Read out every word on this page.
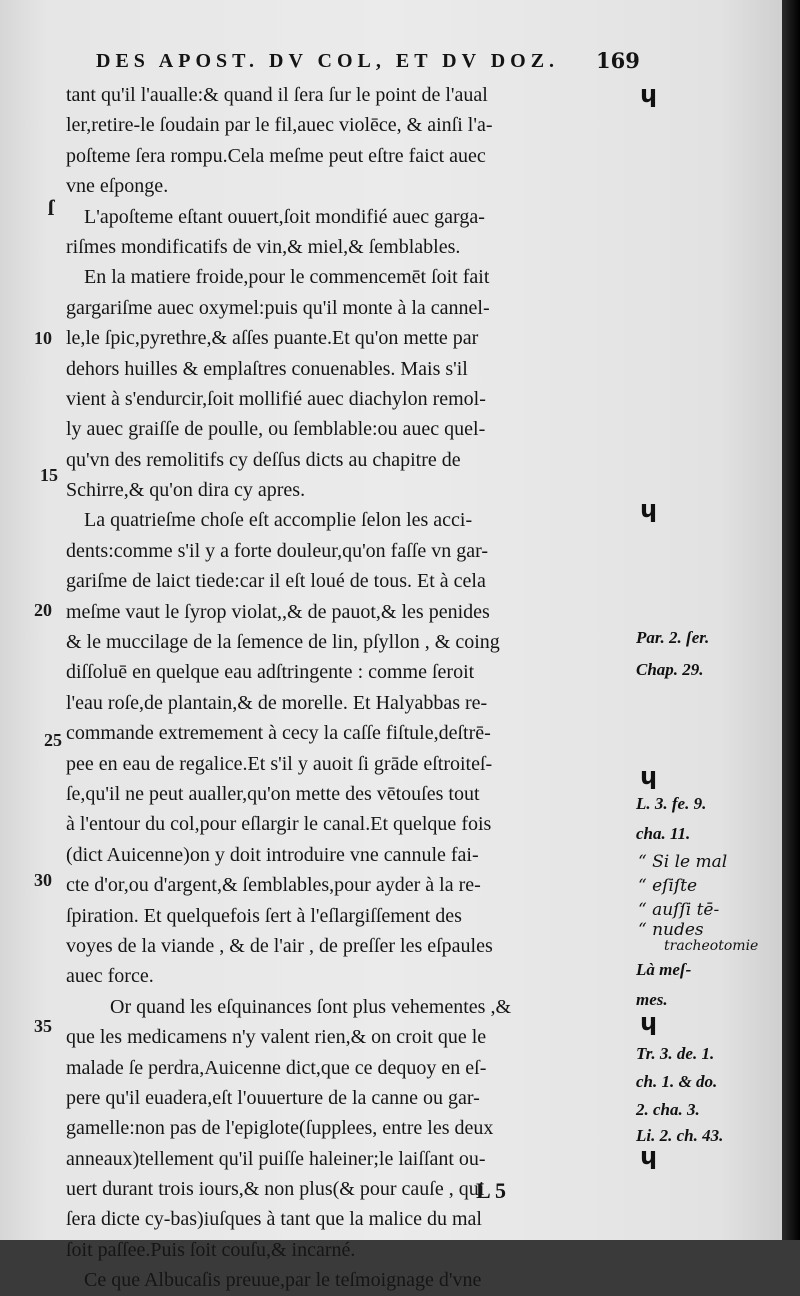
DES APOST. DV COL, ET DV DOZ.	169
tant qu'il l'aualle:& quand il ſera ſur le point de l'aual
ler,retire-le ſoudain par le fil,auec violēce, & ainſi l'a-
poſteme ſera rompu.Cela meſme peut eſtre faict auec
vne eſponge.
L'apoſteme eſtant ouuert,ſoit mondifié auec garga-
riſmes mondificatifs de vin,& miel,& ſemblables.
En la matiere froide,pour le commencemēt ſoit fait
gargariſme auec oxymel:puis qu'il monte à la cannel-
le,le ſpic,pyrethre,& aſſes puante.Et qu'on mette par
dehors huilles & emplaſtres conuenables. Mais s'il
vient à s'endurcir,ſoit mollifié auec diachylon remol-
ly auec graiſſe de poulle, ou ſemblable:ou auec quel-
qu'vn des remolitifs cy deſſus dicts au chapitre de
Schirre,& qu'on dira cy apres.
La quatrieſme choſe eſt accomplie ſelon les acci-
dents:comme s'il y a forte douleur,qu'on faſſe vn gar-
gariſme de laict tiede:car il eſt loué de tous. Et à cela
meſme vaut le ſyrop violat,,& de pauot,& les penides
& le muccilage de la ſemence de lin, pſyllon , & coing
diſſoluē en quelque eau adſtringente : comme ſeroit
l'eau roſe,de plantain,& de morelle. Et Halyabbas re-
commande extremement à cecy la caſſe fiſtule,deſtrē-
pee en eau de regalice.Et s'il y auoit ſi grāde eſtroiteſ-
ſe,qu'il ne peut aualler,qu'on mette des vētouſes tout
à l'entour du col,pour eſlargir le canal.Et quelque fois
(dict Auicenne)on y doit introduire vne cannule fai-
cte d'or,ou d'argent,& ſemblables,pour ayder à la re-
ſpiration. Et quelquefois ſert à l'eſlargiſſement des
voyes de la viande , & de l'air , de preſſer les eſpaules
auec force.
Or quand les eſquinances ſont plus vehementes ,&
que les medicamens n'y valent rien,& on croit que le
malade ſe perdra,Auicenne dict,que ce dequoy en eſ-
pere qu'il euadera,eſt l'ouuerture de la canne ou gar-
gamelle:non pas de l'epiglote(ſupplees, entre les deux
anneaux)tellement qu'il puiſſe haleiner;le laiſſant ou-
uert durant trois iours,& non plus(& pour cauſe , qui
ſera dicte cy-bas)iuſques à tant que la malice du mal
ſoit paſſee.Puis ſoit couſu,& incarné.
Ce que Albucaſis preuue,par le teſmoignage d'vne
ſ
10
15
20
25
30
35
ɥ
ɥ
ɥ
ɥ
ɥ
Par. 2. ſer.
Chap. 29.
L. 3. fe. 9.
cha. 11.
Là meſ-
mes.
Tr. 3. de. 1.
ch. 1. & do.
2. cha. 3.
Li. 2. ch. 43.
“ Si le mal
“ eſiſte
“ auſſi tē-
“ nudes
tracheotomie
L 5
